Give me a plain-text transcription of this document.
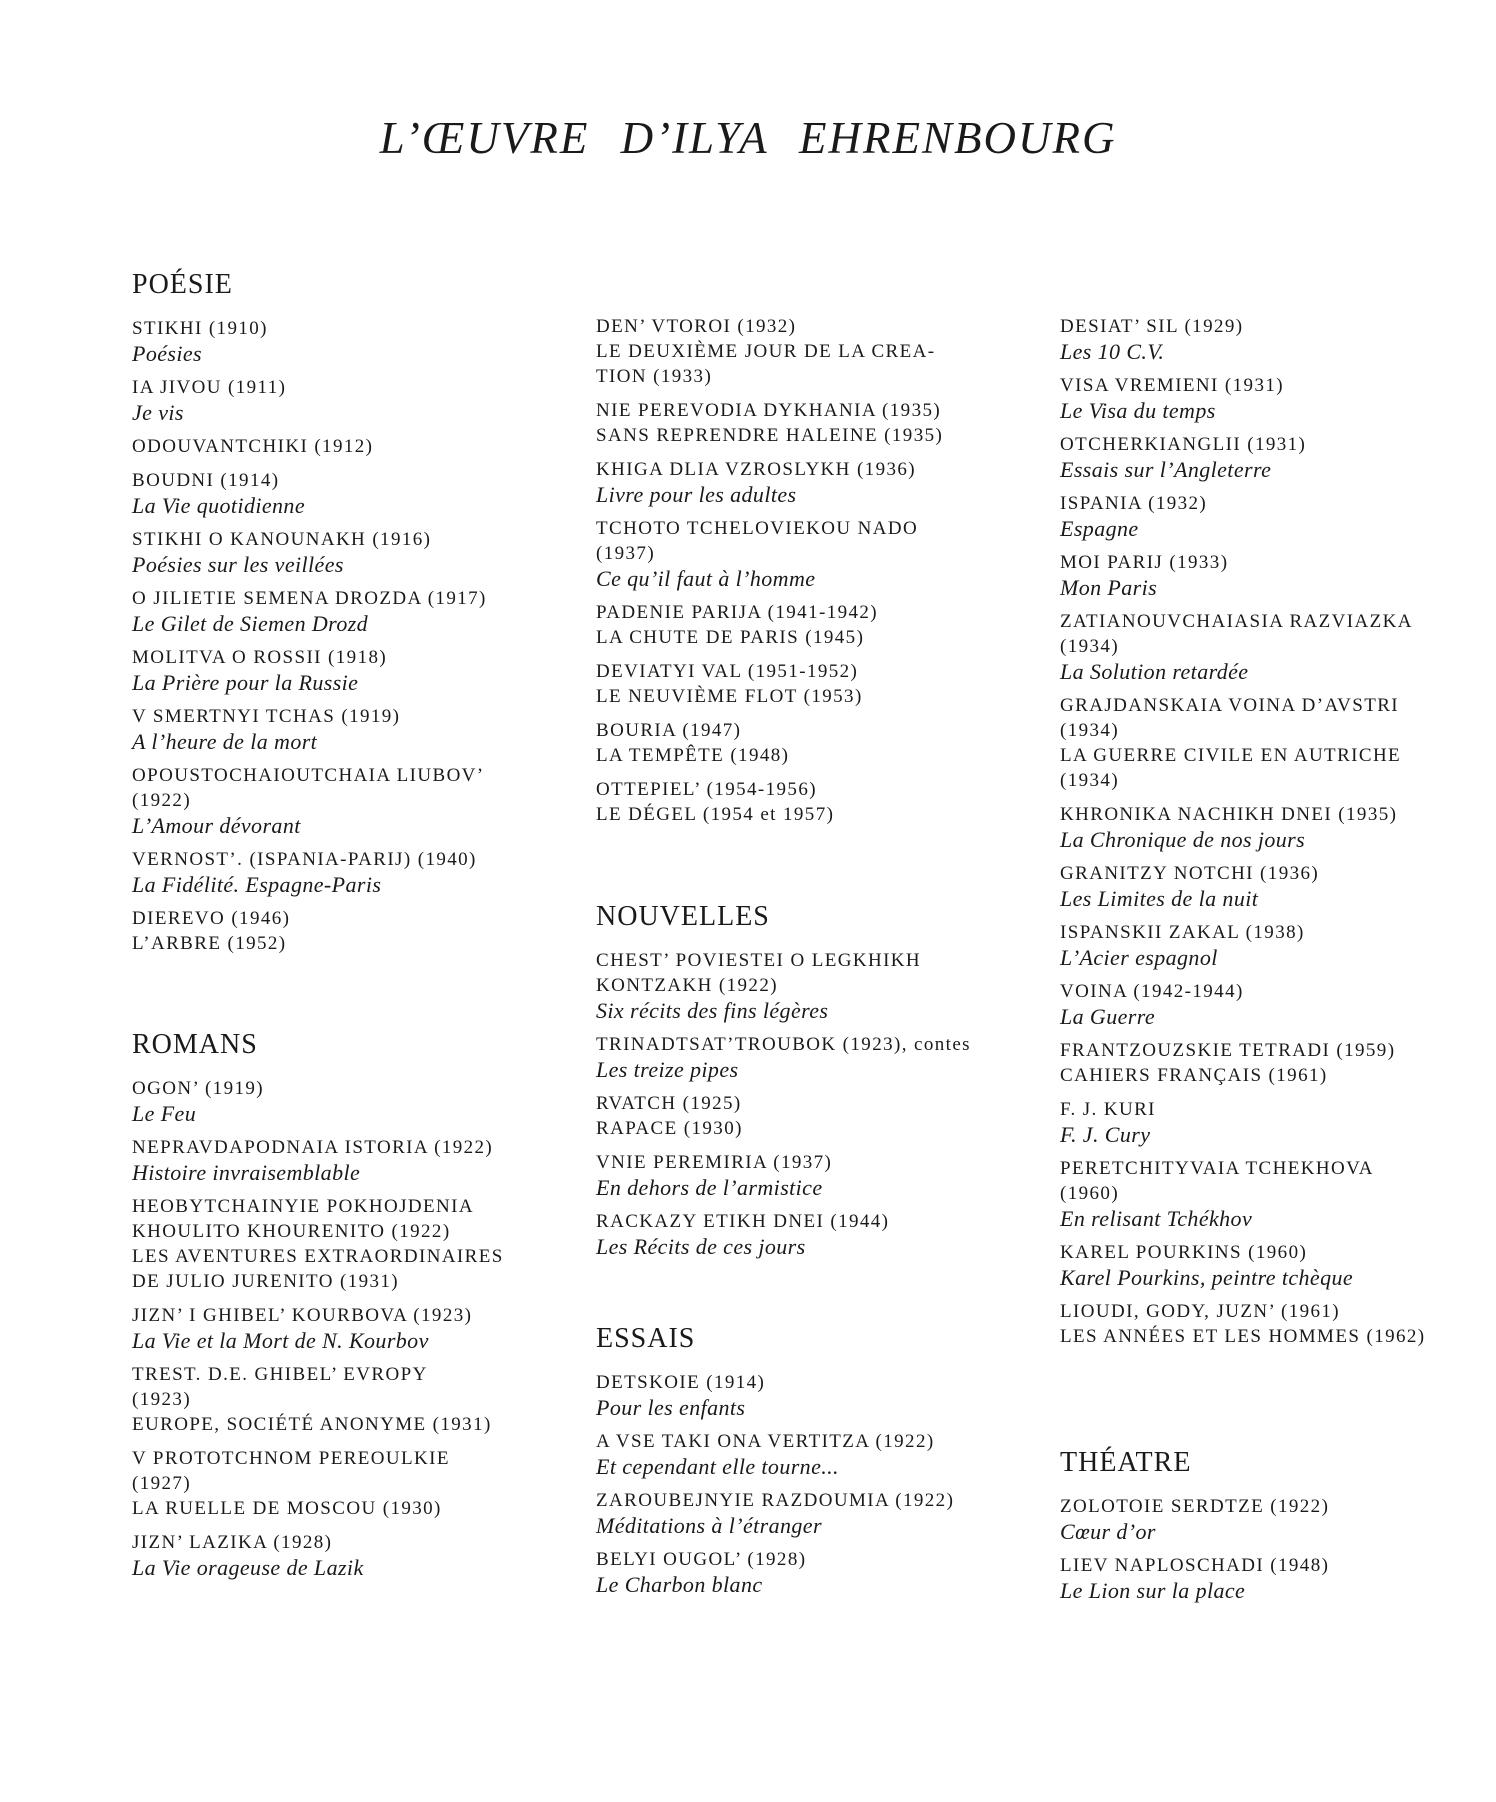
L’ŒUVRE D’ILYA EHRENBOURG
POÉSIE
STIKHI (1910)
Poésies
IA JIVOU (1911)
Je vis
ODOUVANTCHIKI (1912)
BOUDNI (1914)
La Vie quotidienne
STIKHI O KANOUNAKH (1916)
Poésies sur les veillées
O JILIETIE SEMENA DROZDA (1917)
Le Gilet de Siemen Drozd
MOLITVA O ROSSII (1918)
La Prière pour la Russie
V SMERTNYI TCHAS (1919)
A l’heure de la mort
OPOUSTOCHAIOUTCHAIA LIUBOV’
(1922)
L’Amour dévorant
VERNOST’. (ISPANIA-PARIJ) (1940)
La Fidélité. Espagne-Paris
DIEREVO (1946)
L’ARBRE (1952)
ROMANS
OGON’ (1919)
Le Feu
NEPRAVDAPODNAIA ISTORIA (1922)
Histoire invraisemblable
HEOBYTCHAINYIE POKHOJDENIA
KHOULITO KHOURENITO (1922)
LES AVENTURES EXTRAORDINAIRES
DE JULIO JURENITO (1931)
JIZN’ I GHIBEL’ KOURBOVA (1923)
La Vie et la Mort de N. Kourbov
TREST. D.E. GHIBEL’ EVROPY
(1923)
EUROPE, SOCIÉTÉ ANONYME (1931)
V PROTOTCHNOM PEREOULKIE
(1927)
LA RUELLE DE MOSCOU (1930)
JIZN’ LAZIKA (1928)
La Vie orageuse de Lazik
DEN’ VTOROI (1932)
LE DEUXIÈME JOUR DE LA CREA-
TION (1933)
NIE PEREVODIA DYKHANIA (1935)
SANS REPRENDRE HALEINE (1935)
KHIGA DLIA VZROSLYKH (1936)
Livre pour les adultes
TCHOTO TCHELOVIEKOU NADO
(1937)
Ce qu’il faut à l’homme
PADENIE PARIJA (1941-1942)
LA CHUTE DE PARIS (1945)
DEVIATYI VAL (1951-1952)
LE NEUVIÈME FLOT (1953)
BOURIA (1947)
LA TEMPÊTE (1948)
OTTEPIEL’ (1954-1956)
LE DÉGEL (1954 et 1957)
NOUVELLES
CHEST’ POVIESTEI O LEGKHIKH
KONTZAKH (1922)
Six récits des fins légères
TRINADTSAT’TROUBOK (1923), contes
Les treize pipes
RVATCH (1925)
RAPACE (1930)
VNIE PEREMIRIA (1937)
En dehors de l’armistice
RACKAZY ETIKH DNEI (1944)
Les Récits de ces jours
ESSAIS
DETSKOIE (1914)
Pour les enfants
A VSE TAKI ONA VERTITZA (1922)
Et cependant elle tourne...
ZAROUBEJNYIE RAZDOUMIA (1922)
Méditations à l’étranger
BELYI OUGOL’ (1928)
Le Charbon blanc
DESIAT’ SIL (1929)
Les 10 C.V.
VISA VREMIENI (1931)
Le Visa du temps
OTCHERKIANGLII (1931)
Essais sur l’Angleterre
ISPANIA (1932)
Espagne
MOI PARIJ (1933)
Mon Paris
ZATIANOUVCHAIASIA RAZVIAZKA
(1934)
La Solution retardée
GRAJDANSKAIA VOINA D’AVSTRI
(1934)
LA GUERRE CIVILE EN AUTRICHE
(1934)
KHRONIKA NACHIKH DNEI (1935)
La Chronique de nos jours
GRANITZY NOTCHI (1936)
Les Limites de la nuit
ISPANSKII ZAKAL (1938)
L’Acier espagnol
VOINA (1942-1944)
La Guerre
FRANTZOUZSKIE TETRADI (1959)
CAHIERS FRANÇAIS (1961)
F. J. KURI
F. J. Cury
PERETCHITYVAIA TCHEKHOVA
(1960)
En relisant Tchékhov
KAREL POURKINS (1960)
Karel Pourkins, peintre tchèque
LIOUDI, GODY, JUZN’ (1961)
LES ANNÉES ET LES HOMMES (1962)
THÉATRE
ZOLOTOIE SERDTZE (1922)
Cœur d’or
LIEV NAPLOSCHADI (1948)
Le Lion sur la place
